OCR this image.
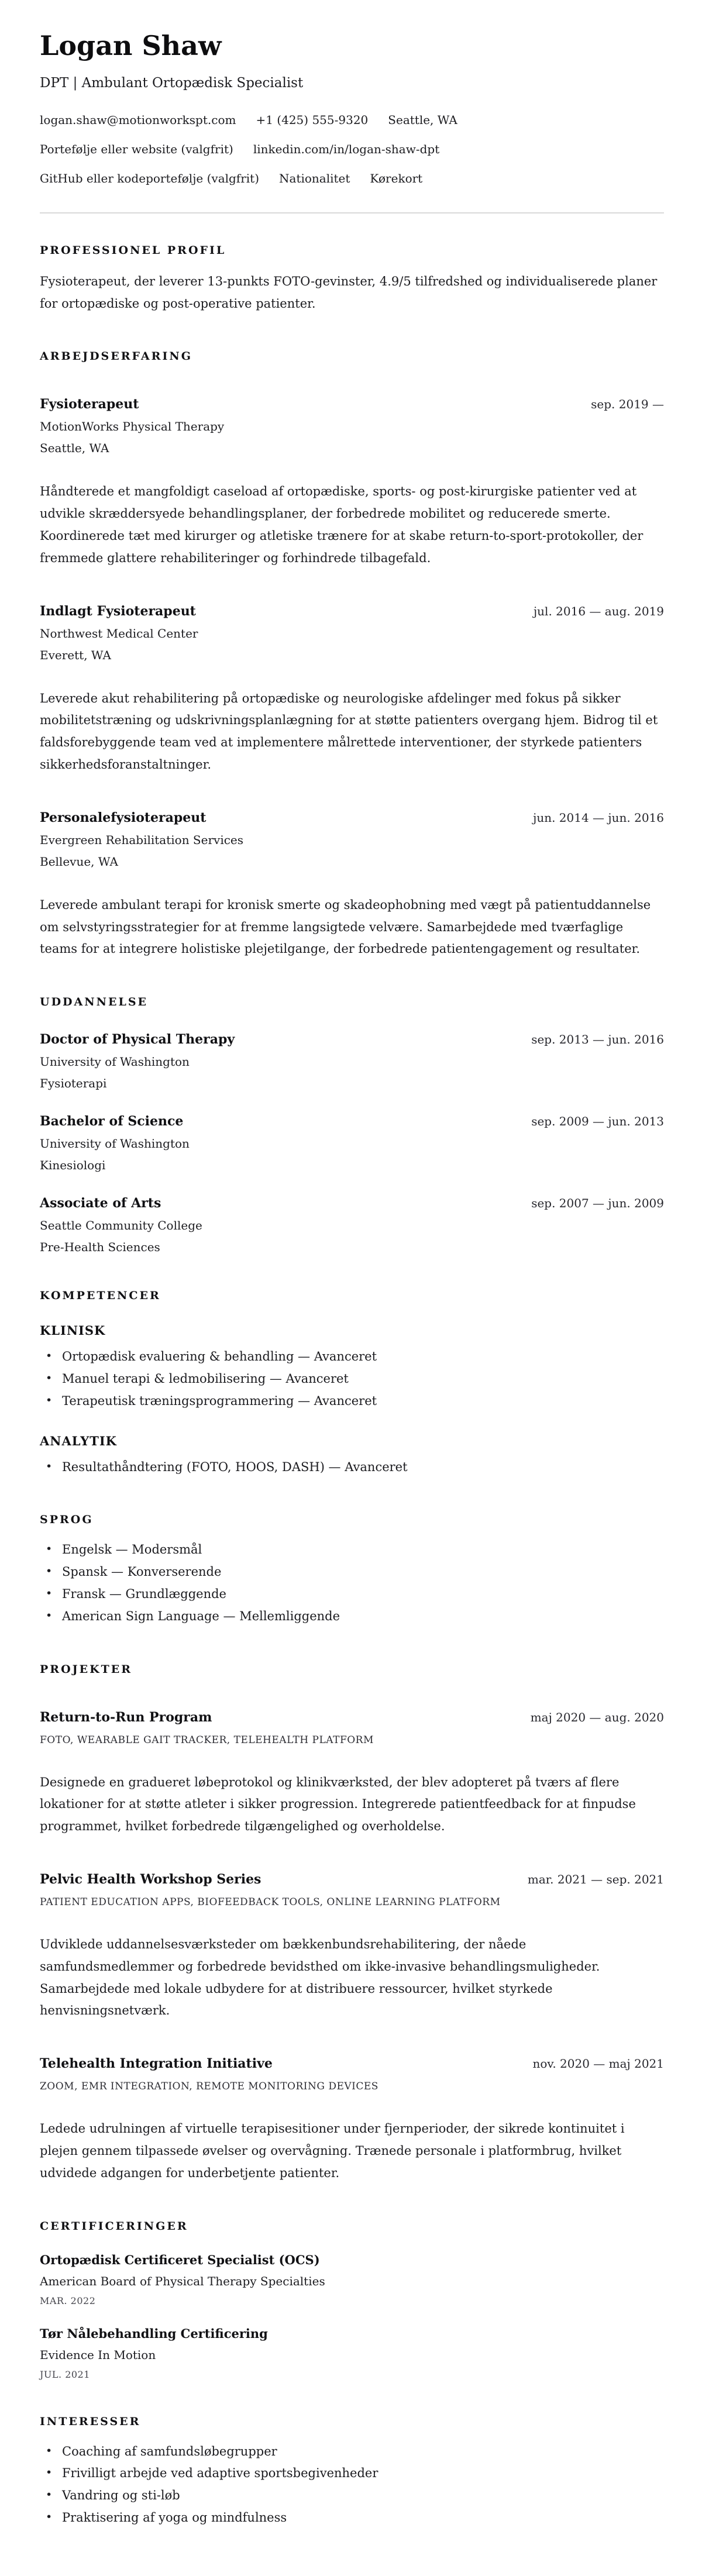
Logan Shaw
DPT | Ambulant Ortopædisk Specialist
logan.shaw@motionworkspt.com +1 (425) 555-9320 Seattle, WA
Portefølje eller website (valgfrit) linkedin.com/in/logan-shaw-dpt
GitHub eller kodeportefølje (valgfrit) Nationalitet Kørekort
PROFESSIONEL PROFIL

Fysioterapeut, der leverer 13-punkts FOTO-gevinster, 4.9/5 tilfredshed og individualiserede planer for ortopædiske og post-operative patienter.

ARBEJDSERFARING
Fysioterapeut	sep. 2019 —
MotionWorks Physical Therapy
Seattle, WA

Håndterede et mangfoldigt caseload af ortopædiske, sports- og post-kirurgiske patienter ved at udvikle skræddersyede behandlingsplaner, der forbedrede mobilitet og reducerede smerte. Koordinerede tæt med kirurger og atletiske trænere for at skabe return-to-sport-protokoller, der fremmede glattere rehabiliteringer og forhindrede tilbagefald.

Indlagt Fysioterapeut	jul. 2016 — aug. 2019
Northwest Medical Center
Everett, WA

Leverede akut rehabilitering på ortopædiske og neurologiske afdelinger med fokus på sikker mobilitetstræning og udskrivningsplanlægning for at støtte patienters overgang hjem. Bidrog til et faldsforebyggende team ved at implementere målrettede interventioner, der styrkede patienters sikkerhedsforanstaltninger.

Personalefysioterapeut	jun. 2014 — jun. 2016
Evergreen Rehabilitation Services
Bellevue, WA

Leverede ambulant terapi for kronisk smerte og skadeophobning med vægt på patientuddannelse om selvstyringsstrategier for at fremme langsigtede velvære. Samarbejdede med tværfaglige teams for at integrere holistiske plejetilgange, der forbedrede patientengagement og resultater.

UDDANNELSE
Doctor of Physical Therapy	sep. 2013 — jun. 2016
University of Washington
Fysioterapi
Bachelor of Science	sep. 2009 — jun. 2013
University of Washington
Kinesiologi
Associate of Arts	sep. 2007 — jun. 2009
Seattle Community College
Pre-Health Sciences
KOMPETENCER
KLINISK
• Ortopædisk evaluering & behandling — Avanceret
• Manuel terapi & ledmobilisering — Avanceret
• Terapeutisk træningsprogrammering — Avanceret
ANALYTIK
• Resultathåndtering (FOTO, HOOS, DASH) — Avanceret
SPROG
• Engelsk — Modersmål
• Spansk — Konverserende
• Fransk — Grundlæggende
• American Sign Language — Mellemliggende
PROJEKTER
Return-to-Run Program	maj 2020 — aug. 2020
FOTO, WEARABLE GAIT TRACKER, TELEHEALTH PLATFORM

Designede en gradueret løbeprotokol og klinikværksted, der blev adopteret på tværs af flere lokationer for at støtte atleter i sikker progression. Integrerede patientfeedback for at finpudse programmet, hvilket forbedrede tilgængelighed og overholdelse.

Pelvic Health Workshop Series	mar. 2021 — sep. 2021
PATIENT EDUCATION APPS, BIOFEEDBACK TOOLS, ONLINE LEARNING PLATFORM

Udviklede uddannelsesværksteder om bækkenbundsrehabilitering, der nåede samfundsmedlemmer og forbedrede bevidsthed om ikke-invasive behandlingsmuligheder. Samarbejdede med lokale udbydere for at distribuere ressourcer, hvilket styrkede henvisningsnetværk.

Telehealth Integration Initiative	nov. 2020 — maj 2021
ZOOM, EMR INTEGRATION, REMOTE MONITORING DEVICES

Ledede udrulningen af virtuelle terapisesitioner under fjernperioder, der sikrede kontinuitet i plejen gennem tilpassede øvelser og overvågning. Trænede personale i platformbrug, hvilket udvidede adgangen for underbetjente patienter.

CERTIFICERINGER
Ortopædisk Certificeret Specialist (OCS)
American Board of Physical Therapy Specialties
MAR. 2022
Tør Nålebehandling Certificering
Evidence In Motion
JUL. 2021
INTERESSER
• Coaching af samfundsløbegrupper
• Frivilligt arbejde ved adaptive sportsbegivenheder
• Vandring og sti-løb
• Praktisering af yoga og mindfulness
